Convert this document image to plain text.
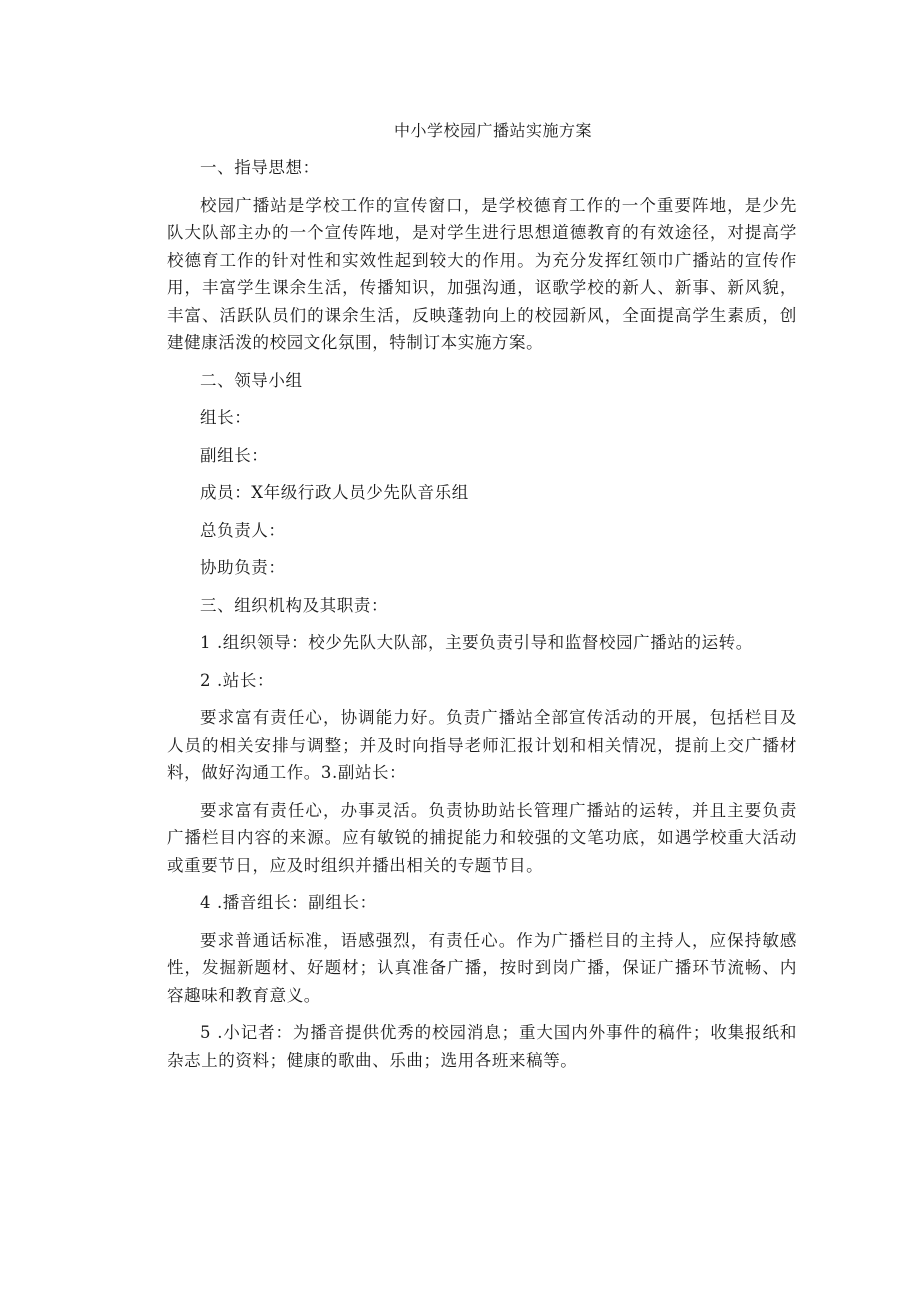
中小学校园广播站实施方案
一、指导思想：
校园广播站是学校工作的宣传窗口，是学校德育工作的一个重要阵地，是少先队大队部主办的一个宣传阵地，是对学生进行思想道德教育的有效途径，对提高学校德育工作的针对性和实效性起到较大的作用。为充分发挥红领巾广播站的宣传作用，丰富学生课余生活，传播知识，加强沟通，讴歌学校的新人、新事、新风貌，丰富、活跃队员们的课余生活，反映蓬勃向上的校园新风，全面提高学生素质，创建健康活泼的校园文化氛围，特制订本实施方案。
二、领导小组
组长：
副组长：
成员：X年级行政人员少先队音乐组
总负责人：
协助负责：
三、组织机构及其职责：
1 .组织领导：校少先队大队部，主要负责引导和监督校园广播站的运转。
2 .站长：
要求富有责任心，协调能力好。负责广播站全部宣传活动的开展，包括栏目及人员的相关安排与调整；并及时向指导老师汇报计划和相关情况，提前上交广播材料，做好沟通工作。3.副站长：
要求富有责任心，办事灵活。负责协助站长管理广播站的运转，并且主要负责广播栏目内容的来源。应有敏锐的捕捉能力和较强的文笔功底，如遇学校重大活动或重要节日，应及时组织并播出相关的专题节目。
4 .播音组长：副组长：
要求普通话标准，语感强烈，有责任心。作为广播栏目的主持人，应保持敏感性，发掘新题材、好题材；认真准备广播，按时到岗广播，保证广播环节流畅、内容趣味和教育意义。
5 .小记者：为播音提供优秀的校园消息；重大国内外事件的稿件；收集报纸和杂志上的资料；健康的歌曲、乐曲；选用各班来稿等。
